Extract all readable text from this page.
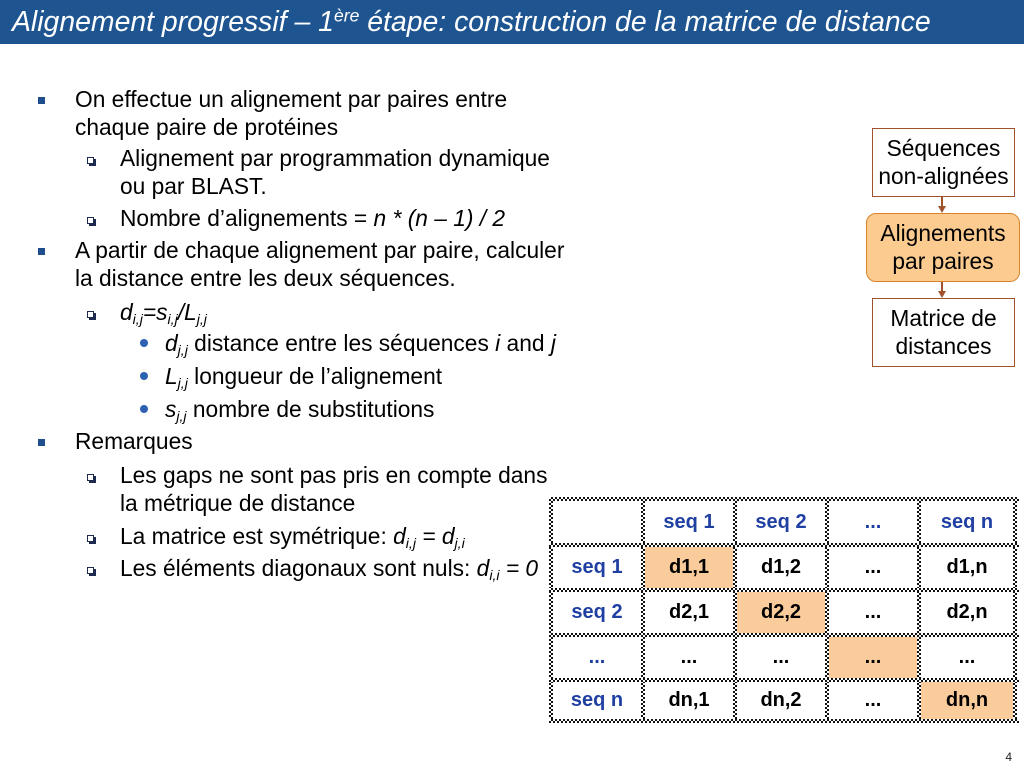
Alignement progressif – 1ère étape: construction de la matrice de distance
On effectue un alignement par paires entre
chaque paire de protéines
Alignement par programmation dynamique
ou par BLAST.
Nombre d’alignements = n * (n – 1) / 2
A partir de chaque alignement par paire, calculer
la distance entre les deux séquences.
$d_{i,j}=s_{i,j}/L_{j,j}$
$d_{j,j}$ distance entre les séquences i and j
$L_{j,j}$ longueur de l’alignement
$s_{j,j}$ nombre de substitutions
Remarques
Les gaps ne sont pas pris en compte dans
la métrique de distance
La matrice est symétrique: $d_{i,j} = d_{j,i}$
Les éléments diagonaux sont nuls: $d_{i,i} = 0$
Séquences
non-alignées
Alignements
par paires
Matrice de
distances
	seq 1	seq 2	...	seq n
seq 1	d1,1	d1,2	...	d1,n
seq 2	d2,1	d2,2	...	d2,n
...	...	...	...	...
seq n	dn,1	dn,2	...	dn,n
4
